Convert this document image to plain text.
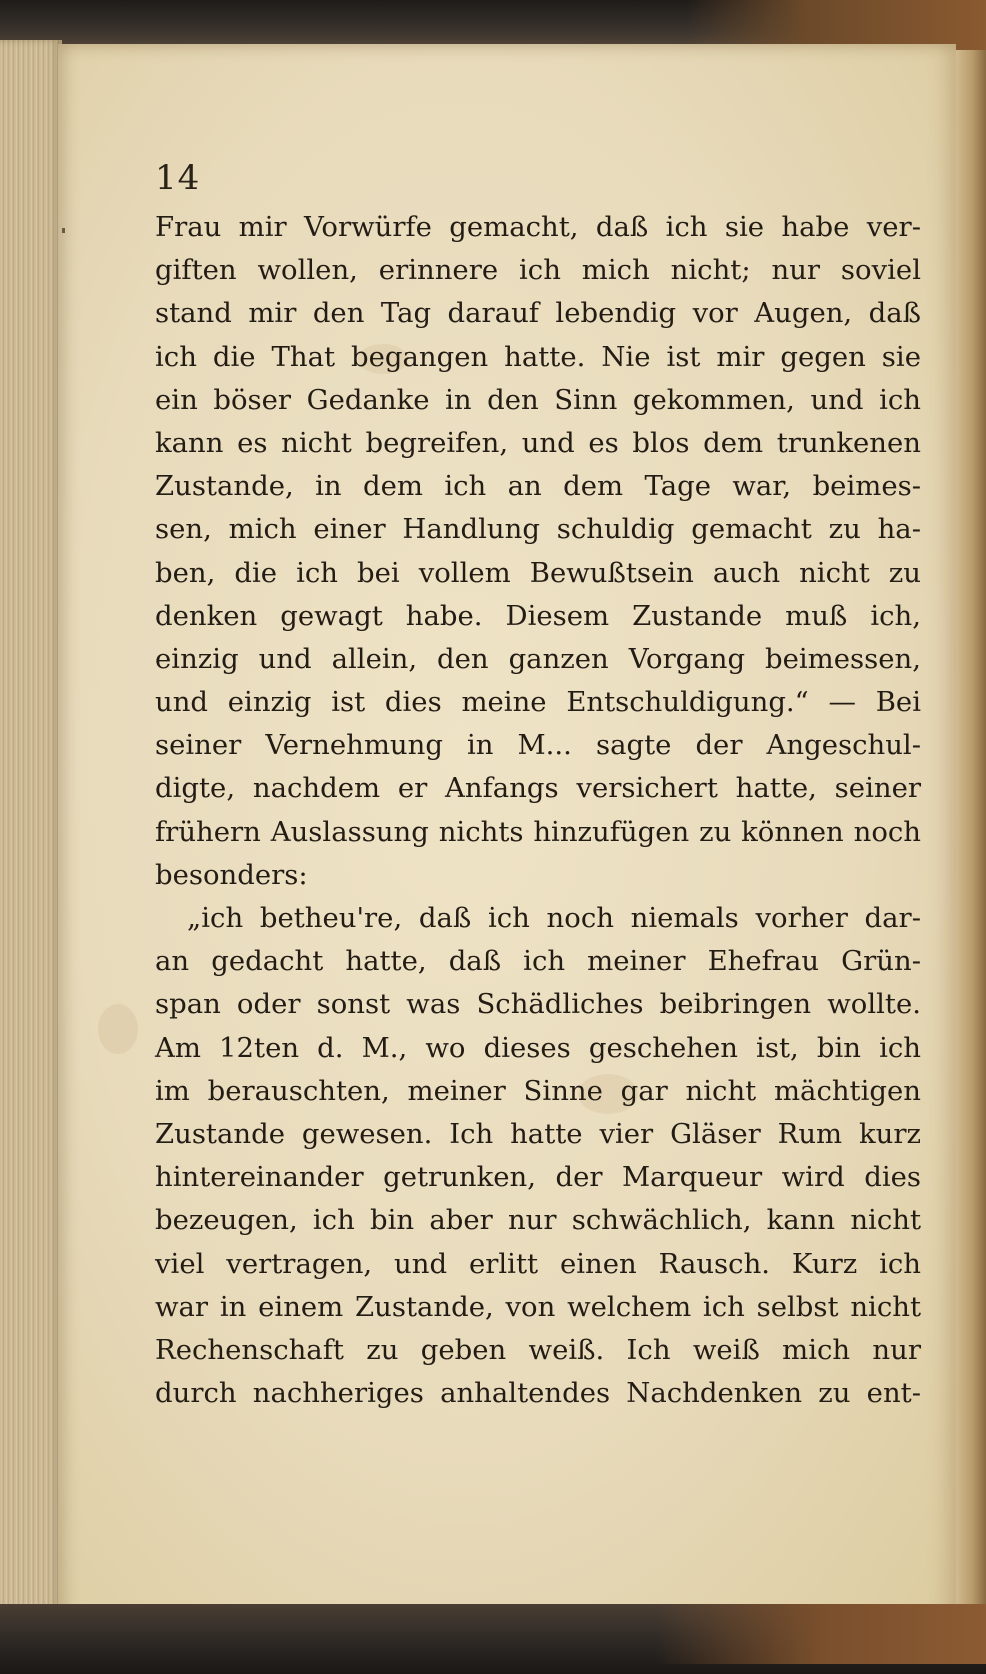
14
Frau mir Vorwürfe gemacht, daß ich sie habe ver-
giften wollen, erinnere ich mich nicht; nur soviel
stand mir den Tag darauf lebendig vor Augen, daß
ich die That begangen hatte. Nie ist mir gegen sie
ein böser Gedanke in den Sinn gekommen, und ich
kann es nicht begreifen, und es blos dem trunkenen
Zustande, in dem ich an dem Tage war, beimes-
sen, mich einer Handlung schuldig gemacht zu ha-
ben, die ich bei vollem Bewußtsein auch nicht zu
denken gewagt habe. Diesem Zustande muß ich,
einzig und allein, den ganzen Vorgang beimessen,
und einzig ist dies meine Entschuldigung.“ — Bei
seiner Vernehmung in M... sagte der Angeschul-
digte, nachdem er Anfangs versichert hatte, seiner
frühern Auslassung nichts hinzufügen zu können noch
besonders:
„ich betheu're, daß ich noch niemals vorher dar-
an gedacht hatte, daß ich meiner Ehefrau Grün-
span oder sonst was Schädliches beibringen wollte.
Am 12ten d. M., wo dieses geschehen ist, bin ich
im berauschten, meiner Sinne gar nicht mächtigen
Zustande gewesen. Ich hatte vier Gläser Rum kurz
hintereinander getrunken, der Marqueur wird dies
bezeugen, ich bin aber nur schwächlich, kann nicht
viel vertragen, und erlitt einen Rausch. Kurz ich
war in einem Zustande, von welchem ich selbst nicht
Rechenschaft zu geben weiß. Ich weiß mich nur
durch nachheriges anhaltendes Nachdenken zu ent-
